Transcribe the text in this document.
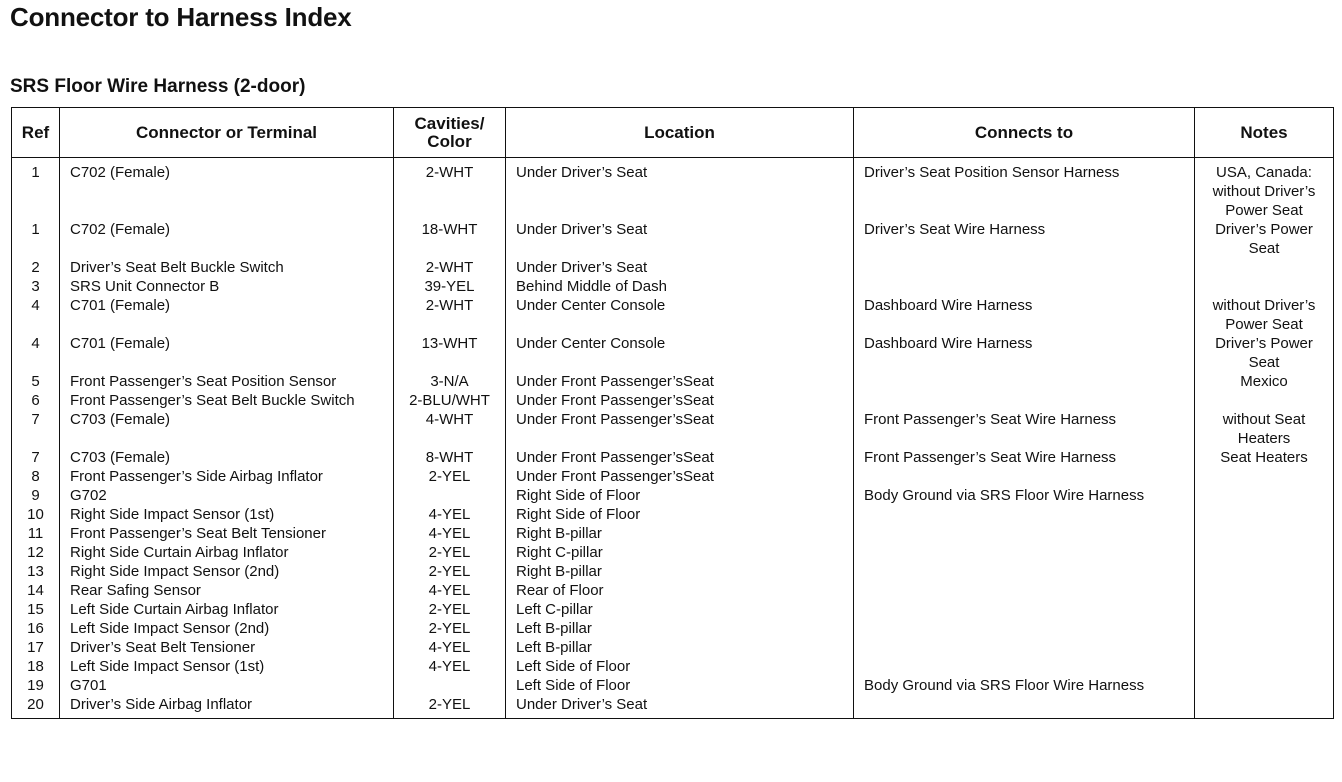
Connector to Harness Index
SRS Floor Wire Harness (2-door)
Ref	Connector or Terminal	Cavities/ Color	Location	Connects to	Notes
1	C702 (Female)	2-WHT	Under Driver’s Seat	Driver’s Seat Position Sensor Harness	USA, Canada: without Driver’s Power Seat
1	C702 (Female)	18-WHT	Under Driver’s Seat	Driver’s Seat Wire Harness	Driver’s Power Seat
2	Driver’s Seat Belt Buckle Switch	2-WHT	Under Driver’s Seat		
3	SRS Unit Connector B	39-YEL	Behind Middle of Dash		
4	C701 (Female)	2-WHT	Under Center Console	Dashboard Wire Harness	without Driver’s Power Seat
4	C701 (Female)	13-WHT	Under Center Console	Dashboard Wire Harness	Driver’s Power Seat
5	Front Passenger’s Seat Position Sensor	3-N/A	Under Front Passenger’sSeat		Mexico
6	Front Passenger’s Seat Belt Buckle Switch	2-BLU/WHT	Under Front Passenger’sSeat		
7	C703 (Female)	4-WHT	Under Front Passenger’sSeat	Front Passenger’s Seat Wire Harness	without Seat Heaters
7	C703 (Female)	8-WHT	Under Front Passenger’sSeat	Front Passenger’s Seat Wire Harness	Seat Heaters
8	Front Passenger’s Side Airbag Inflator	2-YEL	Under Front Passenger’sSeat		
9	G702		Right Side of Floor	Body Ground via SRS Floor Wire Harness	
10	Right Side Impact Sensor (1st)	4-YEL	Right Side of Floor		
11	Front Passenger’s Seat Belt Tensioner	4-YEL	Right B-pillar		
12	Right Side Curtain Airbag Inflator	2-YEL	Right C-pillar		
13	Right Side Impact Sensor (2nd)	2-YEL	Right B-pillar		
14	Rear Safing Sensor	4-YEL	Rear of Floor		
15	Left Side Curtain Airbag Inflator	2-YEL	Left C-pillar		
16	Left Side Impact Sensor (2nd)	2-YEL	Left B-pillar		
17	Driver’s Seat Belt Tensioner	4-YEL	Left B-pillar		
18	Left Side Impact Sensor (1st)	4-YEL	Left Side of Floor		
19	G701		Left Side of Floor	Body Ground via SRS Floor Wire Harness	
20	Driver’s Side Airbag Inflator	2-YEL	Under Driver’s Seat		
